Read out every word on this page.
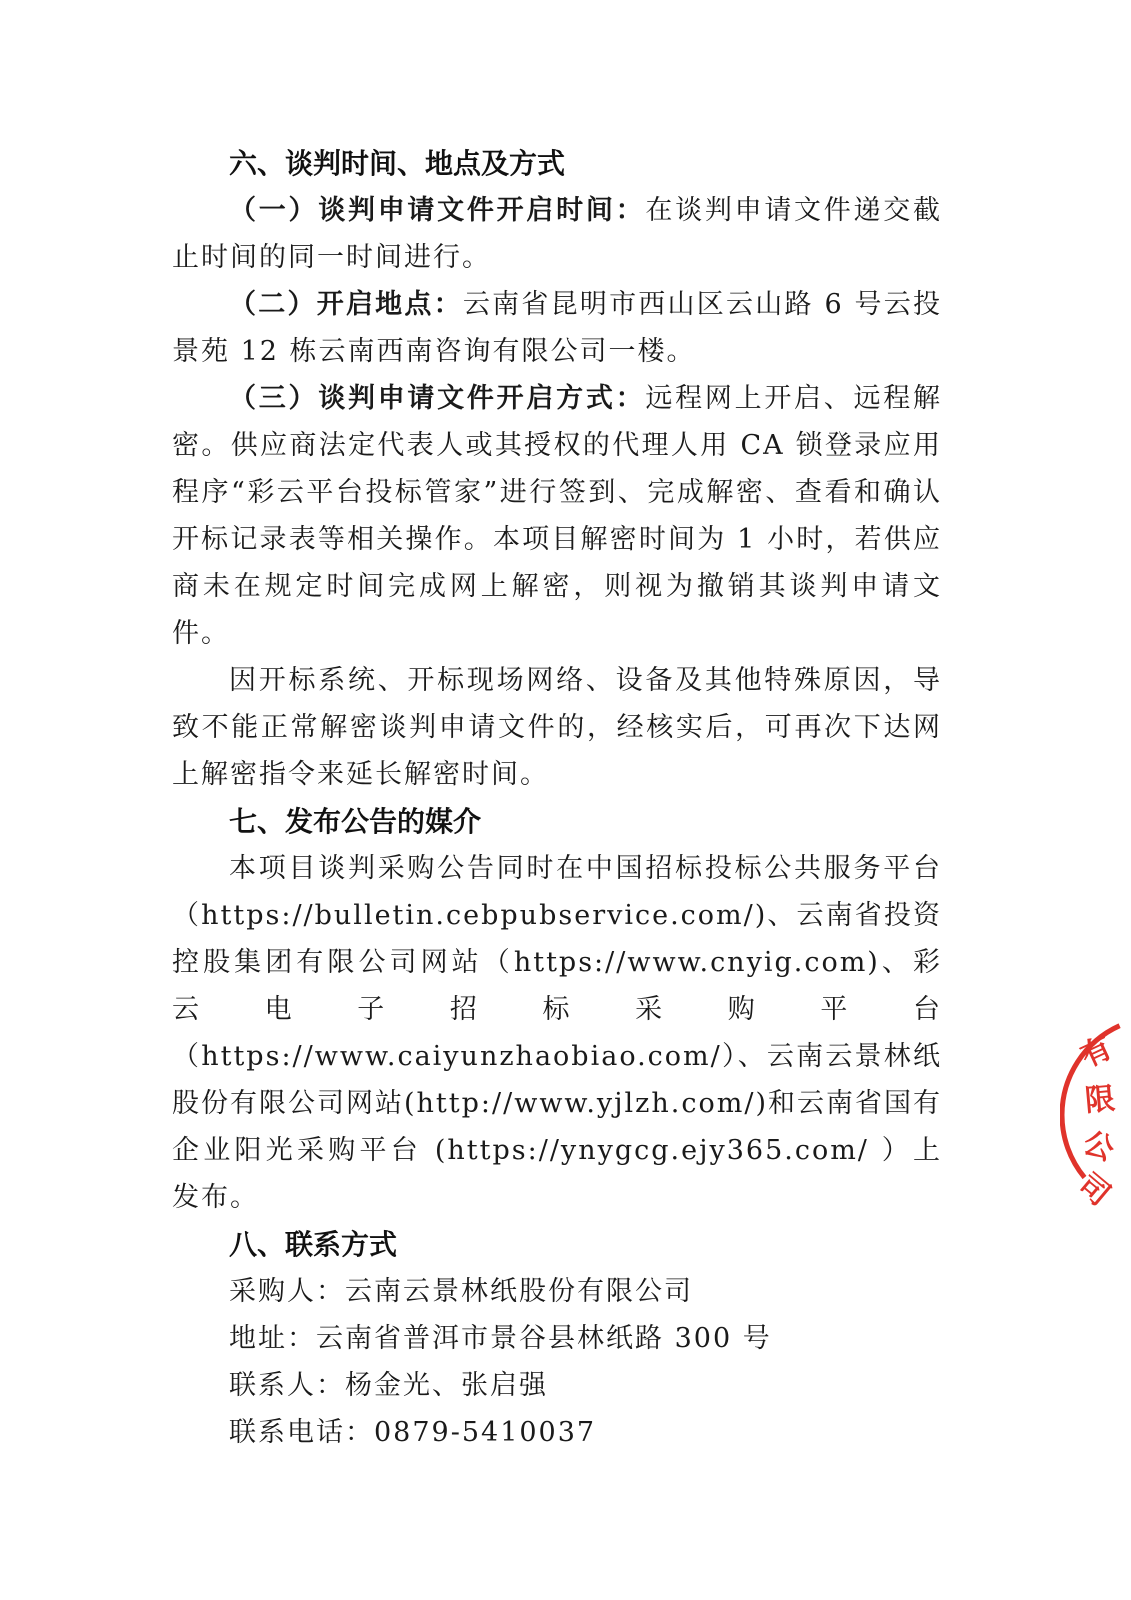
六、谈判时间、地点及方式

（一）谈判申请文件开启时间：在谈判申请文件递交截止时间的同一时间进行。

（二）开启地点：云南省昆明市西山区云山路 6 号云投景苑 12 栋云南西南咨询有限公司一楼。

（三）谈判申请文件开启方式：远程网上开启、远程解密。供应商法定代表人或其授权的代理人用 CA 锁登录应用程序“彩云平台投标管家”进行签到、完成解密、查看和确认开标记录表等相关操作。本项目解密时间为 1 小时，若供应商未在规定时间完成网上解密，则视为撤销其谈判申请文件。

因开标系统、开标现场网络、设备及其他特殊原因，导致不能正常解密谈判申请文件的，经核实后，可再次下达网上解密指令来延长解密时间。

七、发布公告的媒介

本项目谈判采购公告同时在中国招标投标公共服务平台（https://bulletin.cebpubservice.com/)、云南省投资控股集团有限公司网站（https://www.cnyig.com)、彩云电子招标采购平台（https://www.caiyunzhaobiao.com/）、云南云景林纸股份有限公司网站(http://www.yjlzh.com/)和云南省国有企业阳光采购平台 (https://ynygcg.ejy365.com/ ）上发布。

八、联系方式

采购人：云南云景林纸股份有限公司

地址：云南省普洱市景谷县林纸路 300 号

联系人：杨金光、张启强

联系电话：0879-5410037

有
限
公
司
